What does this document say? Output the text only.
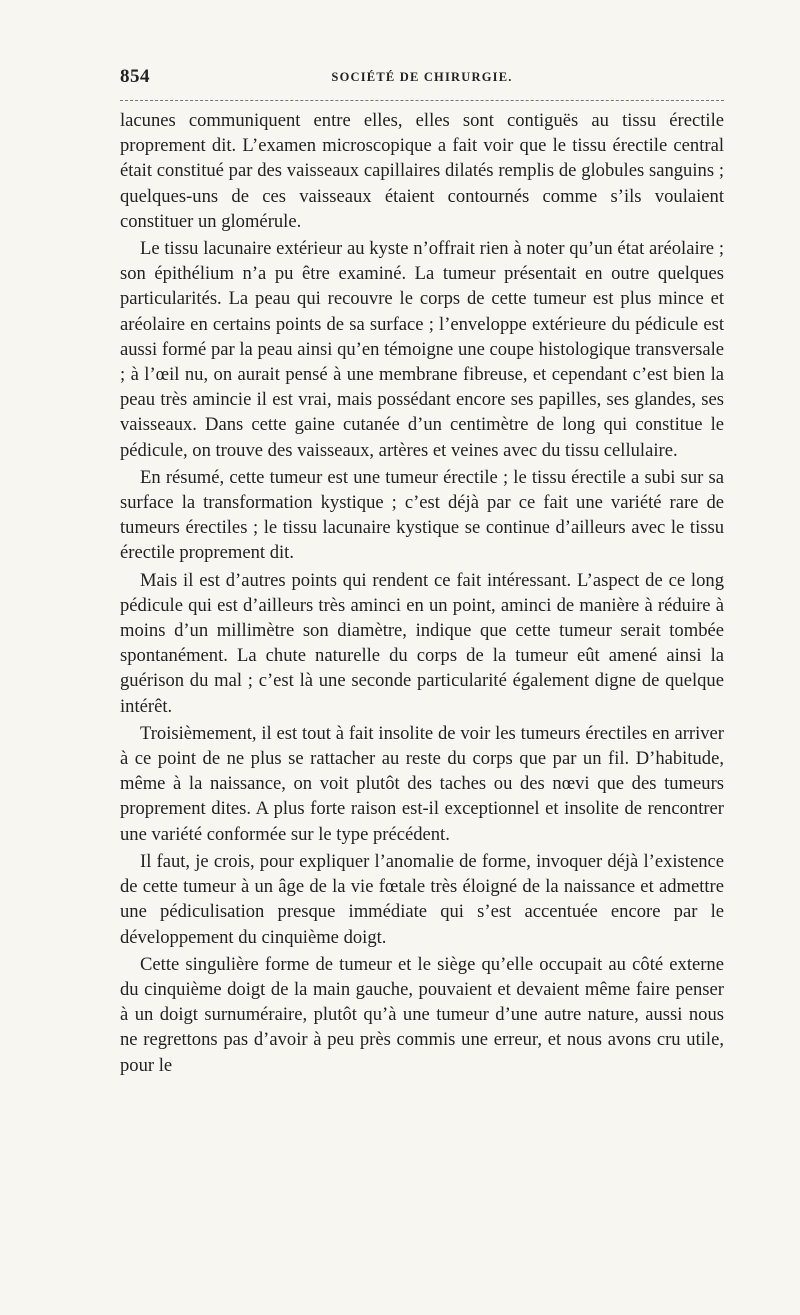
854	SOCIÉTÉ DE CHIRURGIE.

lacunes communiquent entre elles, elles sont contiguës au tissu érectile proprement dit. L’examen microscopique a fait voir que le tissu érectile central était constitué par des vaisseaux capillaires dilatés remplis de globules sanguins ; quelques-uns de ces vaisseaux étaient contournés comme s’ils voulaient constituer un glomérule.

Le tissu lacunaire extérieur au kyste n’offrait rien à noter qu’un état aréolaire ; son épithélium n’a pu être examiné. La tumeur présentait en outre quelques particularités. La peau qui recouvre le corps de cette tumeur est plus mince et aréolaire en certains points de sa surface ; l’enveloppe extérieure du pédicule est aussi formé par la peau ainsi qu’en témoigne une coupe histologique transversale ; à l’œil nu, on aurait pensé à une membrane fibreuse, et cependant c’est bien la peau très amincie il est vrai, mais possédant encore ses papilles, ses glandes, ses vaisseaux. Dans cette gaine cutanée d’un centimètre de long qui constitue le pédicule, on trouve des vaisseaux, artères et veines avec du tissu cellulaire.

En résumé, cette tumeur est une tumeur érectile ; le tissu érectile a subi sur sa surface la transformation kystique ; c’est déjà par ce fait une variété rare de tumeurs érectiles ; le tissu lacunaire kystique se continue d’ailleurs avec le tissu érectile proprement dit.

Mais il est d’autres points qui rendent ce fait intéressant. L’aspect de ce long pédicule qui est d’ailleurs très aminci en un point, aminci de manière à réduire à moins d’un millimètre son diamètre, indique que cette tumeur serait tombée spontanément. La chute naturelle du corps de la tumeur eût amené ainsi la guérison du mal ; c’est là une seconde particularité également digne de quelque intérêt.

Troisièmement, il est tout à fait insolite de voir les tumeurs érectiles en arriver à ce point de ne plus se rattacher au reste du corps que par un fil. D’habitude, même à la naissance, on voit plutôt des taches ou des nœvi que des tumeurs proprement dites. A plus forte raison est-il exceptionnel et insolite de rencontrer une variété conformée sur le type précédent.

Il faut, je crois, pour expliquer l’anomalie de forme, invoquer déjà l’existence de cette tumeur à un âge de la vie fœtale très éloigné de la naissance et admettre une pédiculisation presque immédiate qui s’est accentuée encore par le développement du cinquième doigt.

Cette singulière forme de tumeur et le siège qu’elle occupait au côté externe du cinquième doigt de la main gauche, pouvaient et devaient même faire penser à un doigt surnuméraire, plutôt qu’à une tumeur d’une autre nature, aussi nous ne regrettons pas d’avoir à peu près commis une erreur, et nous avons cru utile, pour le
